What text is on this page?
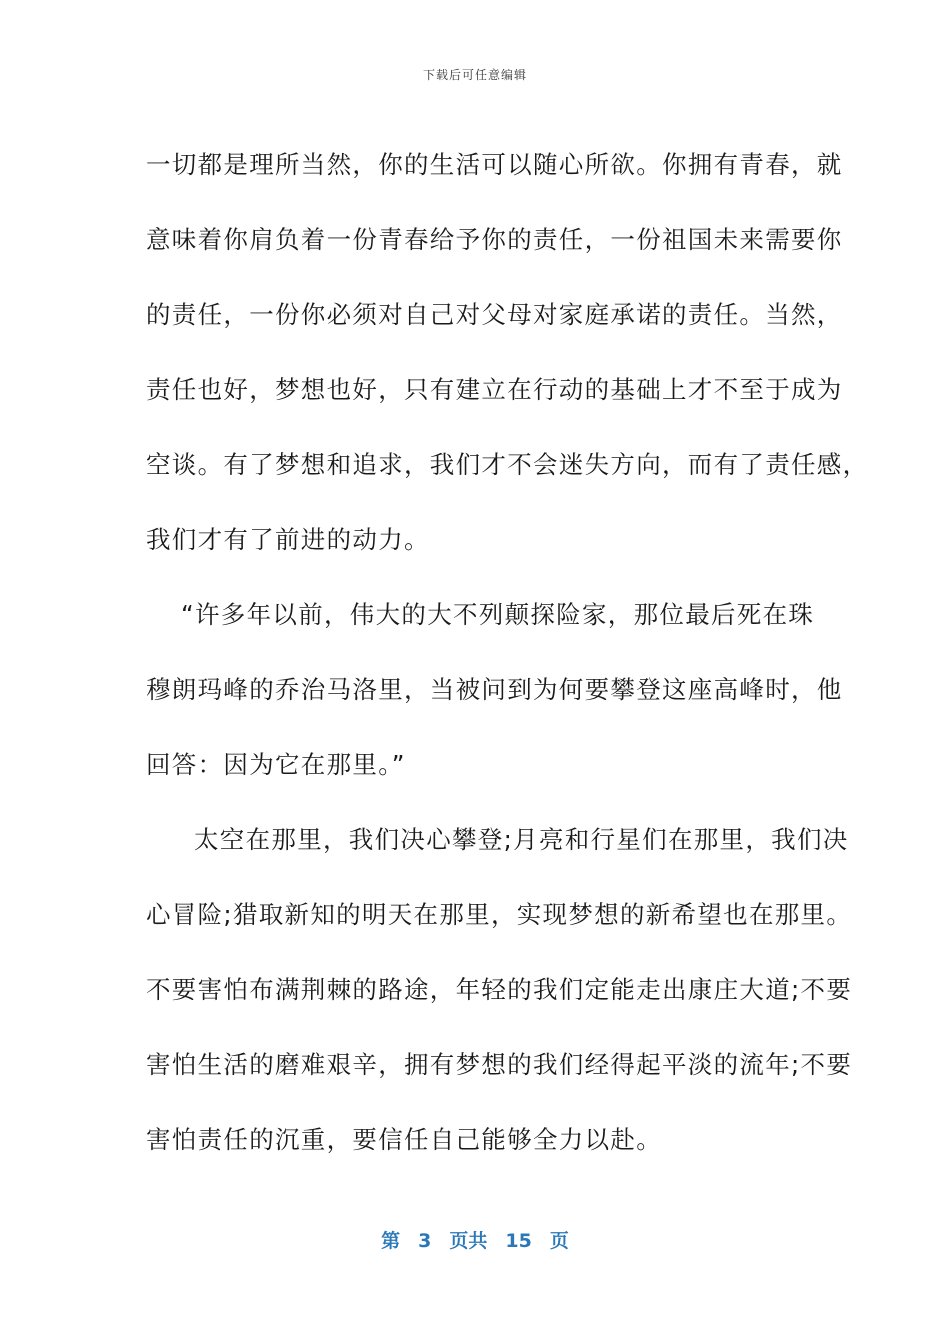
下载后可任意编辑
一切都是理所当然，你的生活可以随心所欲。你拥有青春，就
意味着你肩负着一份青春给予你的责任，一份祖国未来需要你
的责任，一份你必须对自己对父母对家庭承诺的责任。当然，
责任也好，梦想也好，只有建立在行动的基础上才不至于成为
空谈。有了梦想和追求，我们才不会迷失方向，而有了责任感，
我们才有了前进的动力。
“许多年以前，伟大的大不列颠探险家，那位最后死在珠
穆朗玛峰的乔治马洛里，当被问到为何要攀登这座高峰时，他
回答：因为它在那里。”
太空在那里，我们决心攀登;月亮和行星们在那里，我们决
心冒险;猎取新知的明天在那里，实现梦想的新希望也在那里。
不要害怕布满荆棘的路途，年轻的我们定能走出康庄大道;不要
害怕生活的磨难艰辛，拥有梦想的我们经得起平淡的流年;不要
害怕责任的沉重，要信任自己能够全力以赴。
第 3 页共 15 页
